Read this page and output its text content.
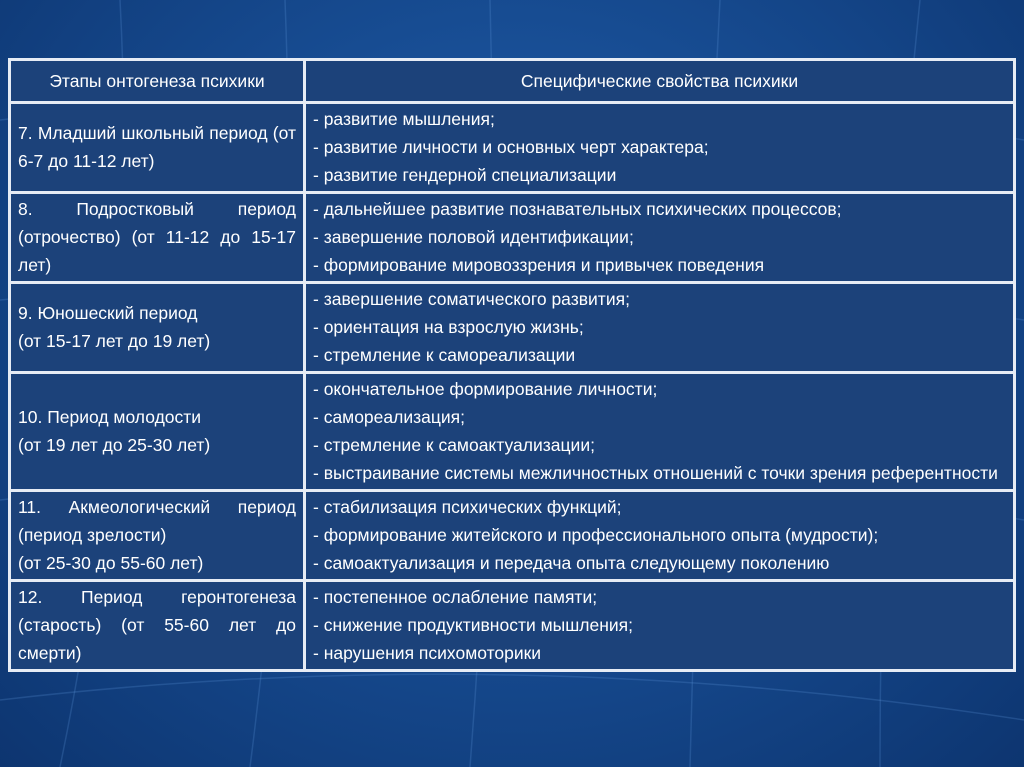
Этапы онтогенеза психики	Специфические свойства психики
7. Младший школьный период (от 6-7 до 11-12 лет)	- развитие мышления;
- развитие личности и основных черт характера;
- развитие гендерной специализации

8. Подростковый период (отрочество) (от 11-12 до 15-17 лет)	- дальнейшее развитие познавательных психических процессов;
- завершение половой идентификации;
- формирование мировоззрения и привычек поведения

9. Юношеский период
(от 15-17 лет до 19 лет)	- завершение соматического развития;
- ориентация на взрослую жизнь;
- стремление к самореализации

10. Период молодости
(от 19 лет до 25-30 лет)	- окончательное формирование личности;
- самореализация;
- стремление к самоактуализации;
- выстраивание системы межличностных отношений с точки зрения референтности

11. Акмеологический период
(период зрелости)
(от 25-30 до 55-60 лет)	- стабилизация психических функций;
- формирование житейского и профессионального опыта (мудрости);
- самоактуализация и передача опыта следующему поколению

12. Период геронтогенеза (старость) (от 55-60 лет до смерти)	- постепенное ослабление памяти;
- снижение продуктивности мышления;
- нарушения психомоторики
